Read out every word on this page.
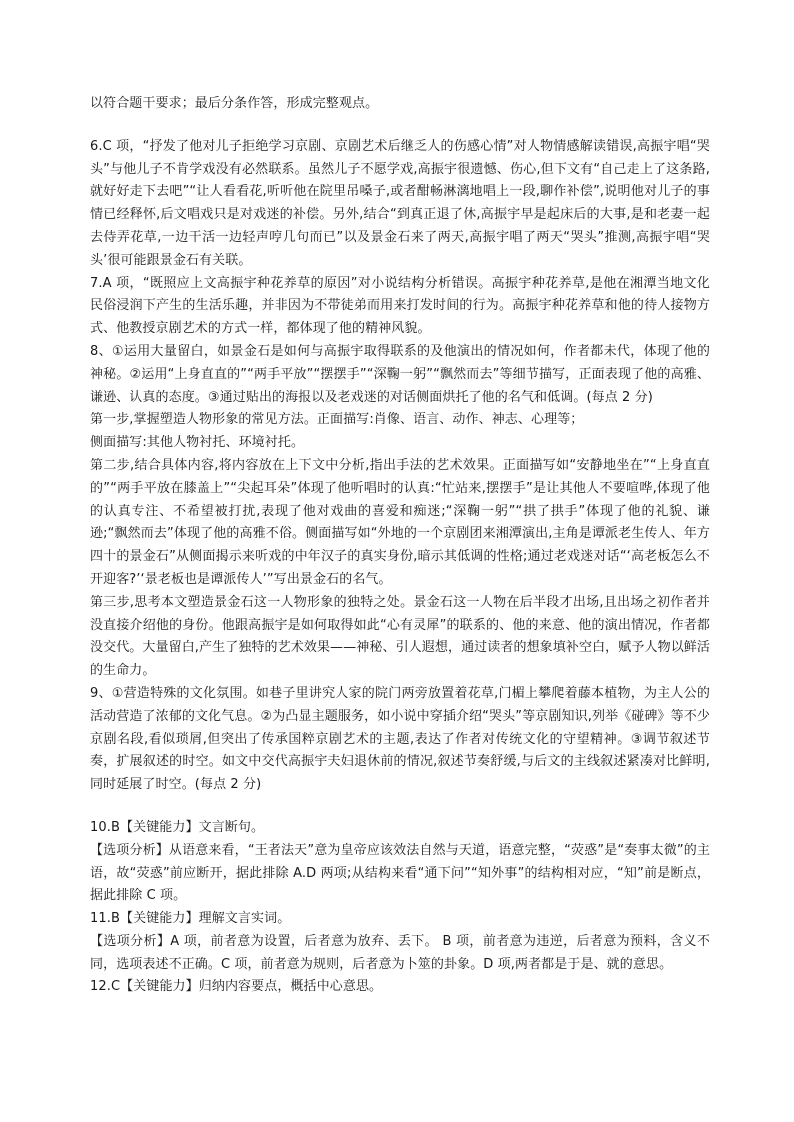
以符合题干要求；最后分条作答，形成完整观点。

6.C 项，“抒发了他对儿子拒绝学习京剧、京剧艺术后继乏人的伤感心情”对人物情感解读错误,高振宇唱“哭头”与他儿子不肯学戏没有必然联系。虽然儿子不愿学戏,高振宇很遗憾、伤心,但下文有“自己走上了这条路,就好好走下去吧”“让人看看花,听听他在院里吊嗓子,或者酣畅淋漓地唱上一段,聊作补偿”,说明他对儿子的事情已经释怀,后文唱戏只是对戏迷的补偿。另外,结合“到真正退了休,高振宇早是起床后的大事,是和老妻一起去侍弄花草,一边干活一边轻声哼几句而已”以及景金石来了两天,高振宇唱了两天“哭头”推测,高振宇唱“哭头’很可能跟景金石有关联。

7.A 项，“既照应上文高振宇种花养草的原因”对小说结构分析错误。高振宇种花养草,是他在湘潭当地文化民俗浸润下产生的生活乐趣，并非因为不带徒弟而用来打发时间的行为。高振宇种花养草和他的待人接物方式、他教授京剧艺术的方式一样，都体现了他的精神风貌。

8、①运用大量留白，如景金石是如何与高振宇取得联系的及他演出的情况如何，作者都未代，体现了他的神秘。②运用“上身直直的”“两手平放”“摆摆手”“深鞠一躬”“飘然而去”等细节描写，正面表现了他的高雅、谦逊、认真的态度。③通过贴出的海报以及老戏迷的对话侧面烘托了他的名气和低调。(每点 2 分)

第一步,掌握塑造人物形象的常见方法。正面描写:肖像、语言、动作、神志、心理等；

侧面描写:其他人物衬托、环境衬托。

第二步,结合具体内容,将内容放在上下文中分析,指出手法的艺术效果。正面描写如“安静地坐在”“上身直直的”“两手平放在膝盖上”“尖起耳朵”体现了他听唱时的认真:“忙站来,摆摆手”是让其他人不要喧哗,体现了他的认真专注、不希望被打扰,表现了他对戏曲的喜爱和痴迷;“深鞠一躬”“拱了拱手”体现了他的礼貌、谦逊;“飘然而去”体现了他的高雅不俗。侧面描写如“外地的一个京剧团来湘潭演出,主角是谭派老生传人、年方四十的景金石”从侧面揭示来听戏的中年汉子的真实身份,暗示其低调的性格;通过老戏迷对话“‘高老板怎么不开迎客?’‘景老板也是谭派传人’”写出景金石的名气。

第三步,思考本文塑造景金石这一人物形象的独特之处。景金石这一人物在后半段才出场,且出场之初作者并没直接介绍他的身份。他跟高振宇是如何取得如此“心有灵犀”的联系的、他的来意、他的演出情况，作者都没交代。大量留白,产生了独特的艺术效果——神秘、引人遐想，通过读者的想象填补空白，赋予人物以鲜活的生命力。

9、①营造特殊的文化氛围。如巷子里讲究人家的院门两旁放置着花草,门楣上攀爬着藤本植物，为主人公的活动营造了浓郁的文化气息。②为凸显主题服务，如小说中穿插介绍“哭头”等京剧知识,列举《碰碑》等不少京剧名段,看似琐屑,但突出了传承国粹京剧艺术的主题,表达了作者对传统文化的守望精神。③调节叙述节奏，扩展叙述的时空。如文中交代高振宇夫妇退休前的情况,叙述节奏舒缓,与后文的主线叙述紧凑对比鲜明,同时延展了时空。(每点 2 分)

10.B【关键能力】文言断句。

【选项分析】从语意来看，“王者法天”意为皇帝应该效法自然与天道，语意完整，“荧惑”是“奏事太微”的主语，故“荧惑”前应断开，据此排除 A.D 两项;从结构来看“通下问”“知外事”的结构相对应，“知”前是断点，据此排除 C 项。

11.B【关键能力】理解文言实词。

【选项分析】A 项，前者意为设置，后者意为放弃、丢下。 B 项，前者意为违逆，后者意为预料，含义不同，选项表述不正确。C 项，前者意为规则，后者意为卜筮的卦象。D 项,两者都是于是、就的意思。

12.C【关键能力】归纳内容要点，概括中心意思。
